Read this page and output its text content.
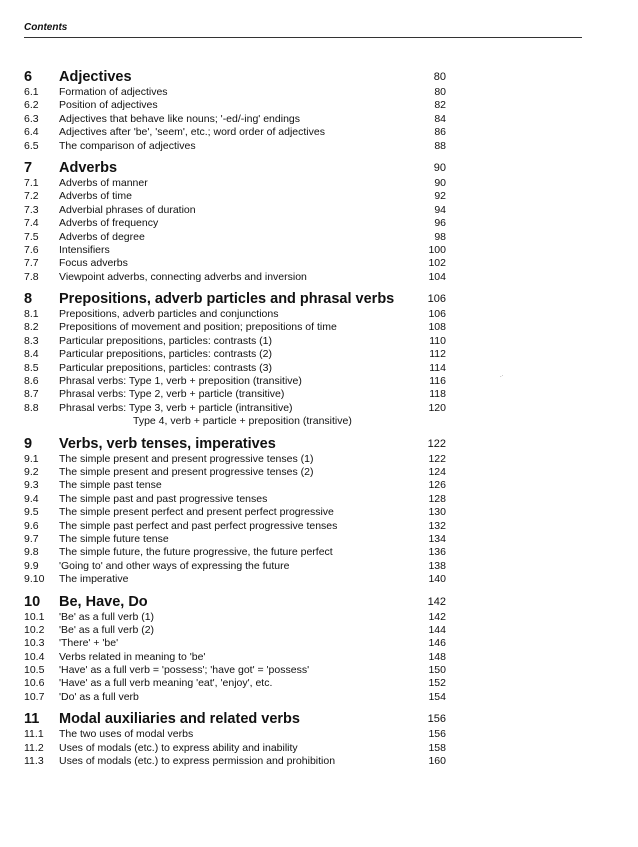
Contents
6 Adjectives	80
6.1 Formation of adjectives	80
6.2 Position of adjectives	82
6.3 Adjectives that behave like nouns; '-ed/-ing' endings	84
6.4 Adjectives after 'be', 'seem', etc.; word order of adjectives	86
6.5 The comparison of adjectives	88
7 Adverbs	90
7.1 Adverbs of manner	90
7.2 Adverbs of time	92
7.3 Adverbial phrases of duration	94
7.4 Adverbs of frequency	96
7.5 Adverbs of degree	98
7.6 Intensifiers	100
7.7 Focus adverbs	102
7.8 Viewpoint adverbs, connecting adverbs and inversion	104
8 Prepositions, adverb particles and phrasal verbs	106
8.1 Prepositions, adverb particles and conjunctions	106
8.2 Prepositions of movement and position; prepositions of time	108
8.3 Particular prepositions, particles: contrasts (1)	110
8.4 Particular prepositions, particles: contrasts (2)	112
8.5 Particular prepositions, particles: contrasts (3)	114
8.6 Phrasal verbs: Type 1, verb + preposition (transitive)	116
8.7 Phrasal verbs: Type 2, verb + particle (transitive)	118
8.8 Phrasal verbs: Type 3, verb + particle (intransitive)	120
Type 4, verb + particle + preposition (transitive)
9 Verbs, verb tenses, imperatives	122
9.1 The simple present and present progressive tenses (1)	122
9.2 The simple present and present progressive tenses (2)	124
9.3 The simple past tense	126
9.4 The simple past and past progressive tenses	128
9.5 The simple present perfect and present perfect progressive	130
9.6 The simple past perfect and past perfect progressive tenses	132
9.7 The simple future tense	134
9.8 The simple future, the future progressive, the future perfect	136
9.9 'Going to' and other ways of expressing the future	138
9.10 The imperative	140
10 Be, Have, Do	142
10.1 'Be' as a full verb (1)	142
10.2 'Be' as a full verb (2)	144
10.3 'There' + 'be'	146
10.4 Verbs related in meaning to 'be'	148
10.5 'Have' as a full verb = 'possess'; 'have got' = 'possess'	150
10.6 'Have' as a full verb meaning 'eat', 'enjoy', etc.	152
10.7 'Do' as a full verb	154
11 Modal auxiliaries and related verbs	156
11.1 The two uses of modal verbs	156
11.2 Uses of modals (etc.) to express ability and inability	158
11.3 Uses of modals (etc.) to express permission and prohibition	160
.·
